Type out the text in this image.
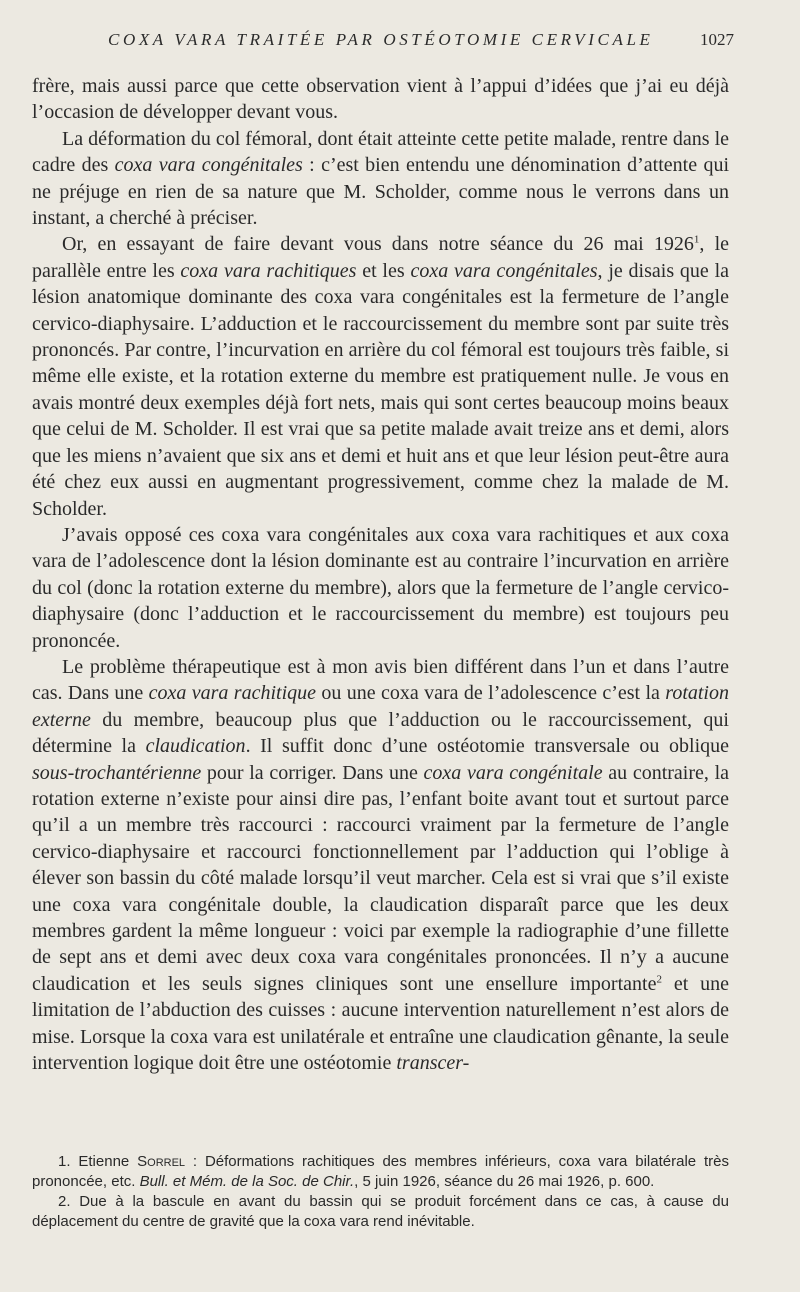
COXA VARA TRAITÉE PAR OSTÉOTOMIE CERVICALE	1027

frère, mais aussi parce que cette observation vient à l’appui d’idées que j’ai eu déjà l’occasion de développer devant vous.

La déformation du col fémoral, dont était atteinte cette petite malade, rentre dans le cadre des coxa vara congénitales : c’est bien entendu une dénomination d’attente qui ne préjuge en rien de sa nature que M. Scholder, comme nous le verrons dans un instant, a cherché à préciser.

Or, en essayant de faire devant vous dans notre séance du 26 mai 1926$^1$, le parallèle entre les coxa vara rachitiques et les coxa vara congénitales, je disais que la lésion anatomique dominante des coxa vara congénitales est la fermeture de l’angle cervico-diaphysaire. L’adduction et le raccourcissement du membre sont par suite très prononcés. Par contre, l’incurvation en arrière du col fémoral est toujours très faible, si même elle existe, et la rotation externe du membre est pratiquement nulle. Je vous en avais montré deux exemples déjà fort nets, mais qui sont certes beaucoup moins beaux que celui de M. Scholder. Il est vrai que sa petite malade avait treize ans et demi, alors que les miens n’avaient que six ans et demi et huit ans et que leur lésion peut-être aura été chez eux aussi en augmentant progressivement, comme chez la malade de M. Scholder.

J’avais opposé ces coxa vara congénitales aux coxa vara rachitiques et aux coxa vara de l’adolescence dont la lésion dominante est au contraire l’incurvation en arrière du col (donc la rotation externe du membre), alors que la fermeture de l’angle cervico-diaphysaire (donc l’adduction et le raccourcissement du membre) est toujours peu prononcée.

Le problème thérapeutique est à mon avis bien différent dans l’un et dans l’autre cas. Dans une coxa vara rachitique ou une coxa vara de l’adolescence c’est la rotation externe du membre, beaucoup plus que l’adduction ou le raccourcissement, qui détermine la claudication. Il suffit donc d’une ostéotomie transversale ou oblique sous-trochantérienne pour la corriger. Dans une coxa vara congénitale au contraire, la rotation externe n’existe pour ainsi dire pas, l’enfant boite avant tout et surtout parce qu’il a un membre très raccourci : raccourci vraiment par la fermeture de l’angle cervico-diaphysaire et raccourci fonctionnellement par l’adduction qui l’oblige à élever son bassin du côté malade lorsqu’il veut marcher. Cela est si vrai que s’il existe une coxa vara congénitale double, la claudication disparaît parce que les deux membres gardent la même longueur : voici par exemple la radiographie d’une fillette de sept ans et demi avec deux coxa vara congénitales prononcées. Il n’y a aucune claudication et les seuls signes cliniques sont une ensellure importante$^2$ et une limitation de l’abduction des cuisses : aucune intervention naturellement n’est alors de mise. Lorsque la coxa vara est unilatérale et entraîne une claudication gênante, la seule intervention logique doit être une ostéotomie transcer-

1. Etienne Sorrel : Déformations rachitiques des membres inférieurs, coxa vara bilatérale très prononcée, etc. Bull. et Mém. de la Soc. de Chir., 5 juin 1926, séance du 26 mai 1926, p. 600.

2. Due à la bascule en avant du bassin qui se produit forcément dans ce cas, à cause du déplacement du centre de gravité que la coxa vara rend inévitable.
